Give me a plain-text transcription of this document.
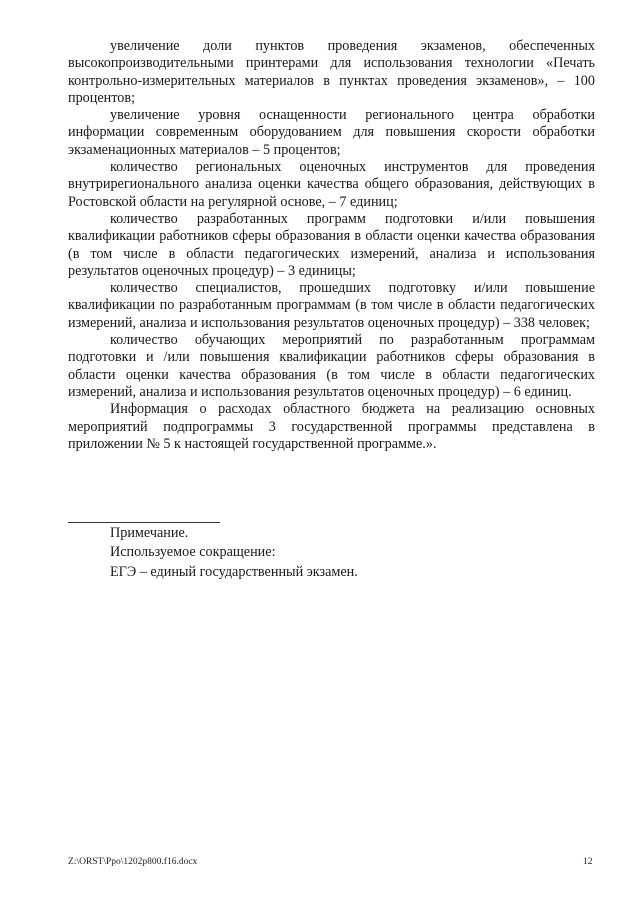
увеличение доли пунктов проведения экзаменов, обеспеченных высокопроизводительными принтерами для использования технологии «Печать контрольно-измерительных материалов в пунктах проведения экзаменов», – 100 процентов;

увеличение уровня оснащенности регионального центра обработки информации современным оборудованием для повышения скорости обработки экзаменационных материалов – 5 процентов;

количество региональных оценочных инструментов для проведения внутрирегионального анализа оценки качества общего образования, действующих в Ростовской области на регулярной основе, – 7 единиц;

количество разработанных программ подготовки и/или повышения квалификации работников сферы образования в области оценки качества образования (в том числе в области педагогических измерений, анализа и использования результатов оценочных процедур) – 3 единицы;

количество специалистов, прошедших подготовку и/или повышение квалификации по разработанным программам (в том числе в области педагогических измерений, анализа и использования результатов оценочных процедур) – 338 человек;

количество обучающих мероприятий по разработанным программам подготовки и /или повышения квалификации работников сферы образования в области оценки качества образования (в том числе в области педагогических измерений, анализа и использования результатов оценочных процедур) – 6 единиц.

Информация о расходах областного бюджета на реализацию основных мероприятий подпрограммы 3 государственной программы представлена в приложении № 5 к настоящей государственной программе.».

Примечание.
Используемое сокращение:
ЕГЭ – единый государственный экзамен.
Z:\ORST\Ppo\1202p800.f16.docx	12
